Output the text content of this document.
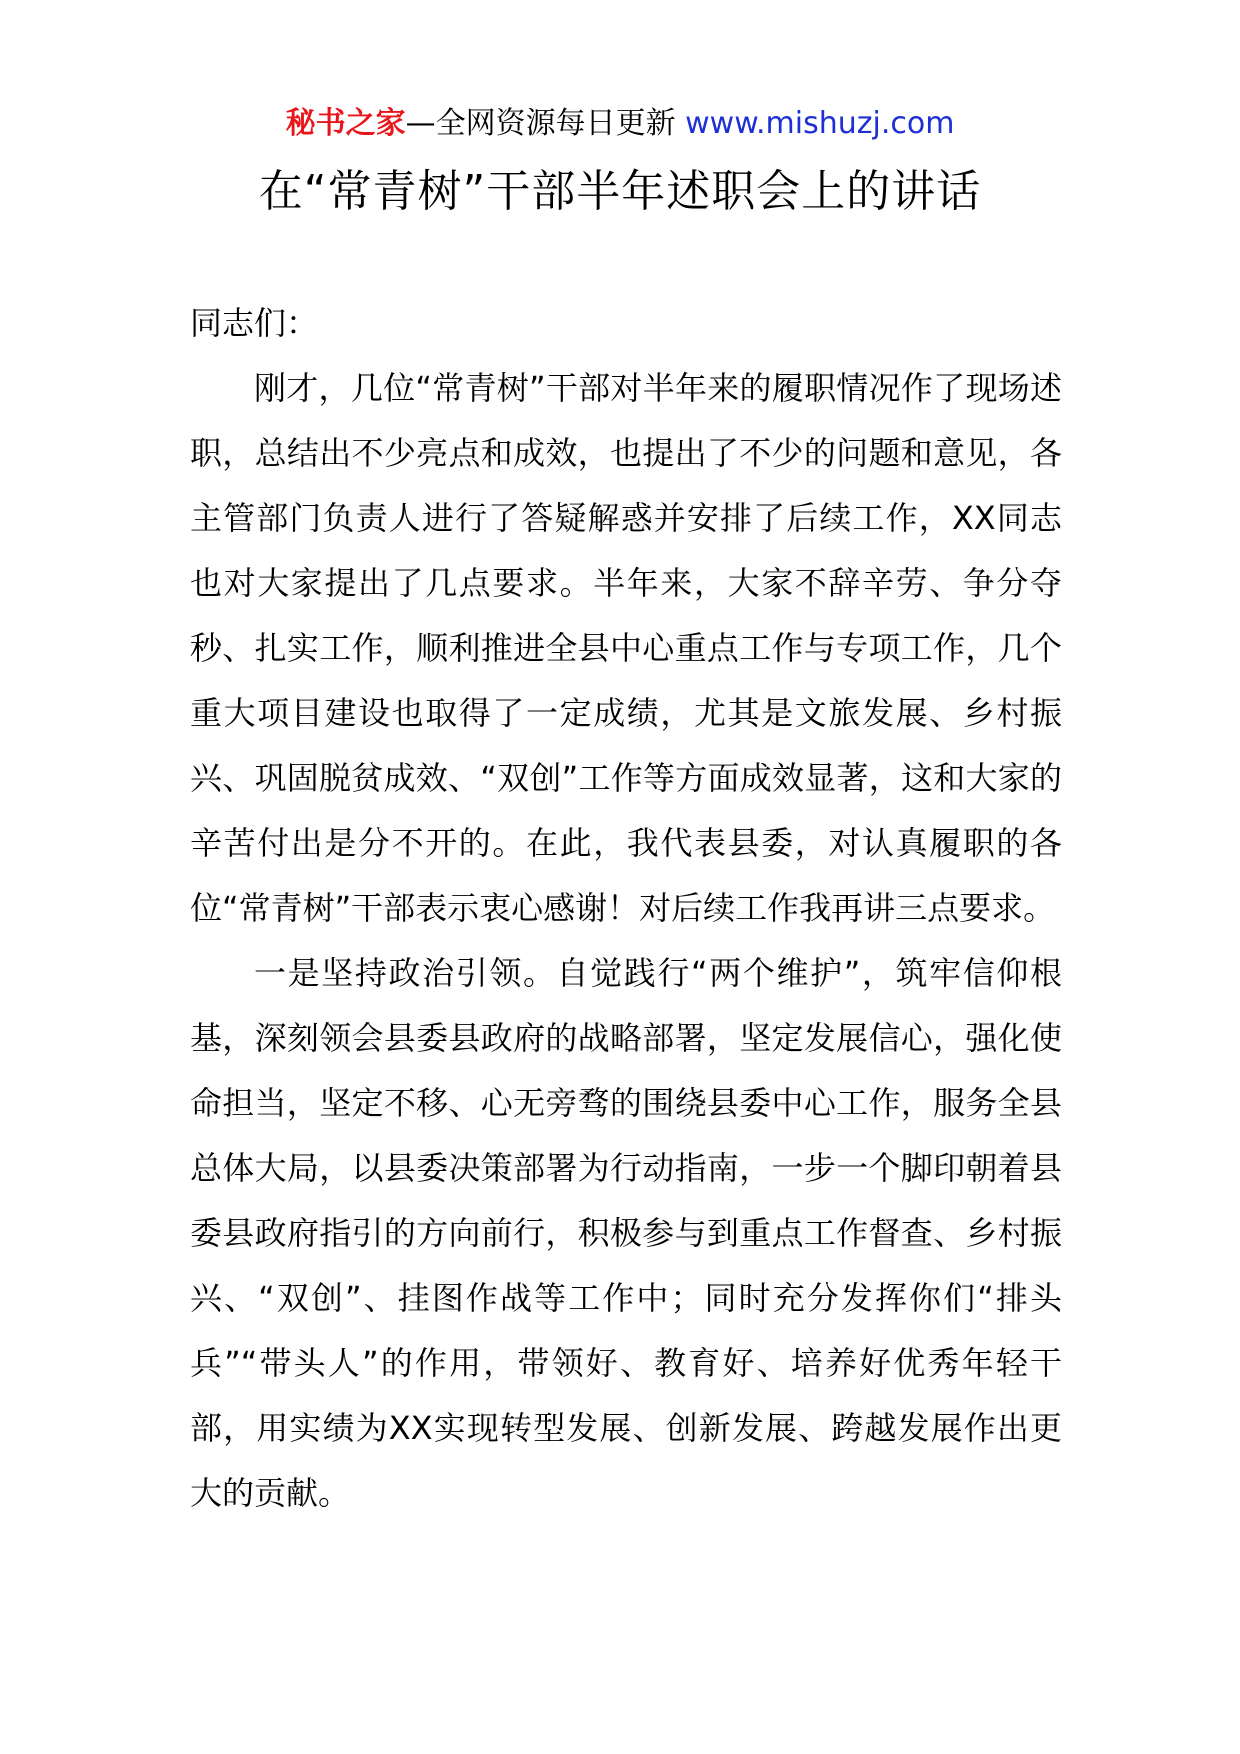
秘书之家—全网资源每日更新 www.mishuzj.com
在“常青树”干部半年述职会上的讲话

同志们：

刚才，几位“常青树”干部对半年来的履职情况作了现场述职，总结出不少亮点和成效，也提出了不少的问题和意见，各主管部门负责人进行了答疑解惑并安排了后续工作，XX同志也对大家提出了几点要求。半年来，大家不辞辛劳、争分夺秒、扎实工作，顺利推进全县中心重点工作与专项工作，几个重大项目建设也取得了一定成绩，尤其是文旅发展、乡村振兴、巩固脱贫成效、“双创”工作等方面成效显著，这和大家的辛苦付出是分不开的。在此，我代表县委，对认真履职的各位“常青树”干部表示衷心感谢！对后续工作我再讲三点要求。

一是坚持政治引领。自觉践行“两个维护”，筑牢信仰根基，深刻领会县委县政府的战略部署，坚定发展信心，强化使命担当，坚定不移、心无旁骛的围绕县委中心工作，服务全县总体大局，以县委决策部署为行动指南，一步一个脚印朝着县委县政府指引的方向前行，积极参与到重点工作督查、乡村振兴、“双创”、挂图作战等工作中；同时充分发挥你们“排头兵”“带头人”的作用，带领好、教育好、培养好优秀年轻干部，用实绩为XX实现转型发展、创新发展、跨越发展作出更大的贡献。
